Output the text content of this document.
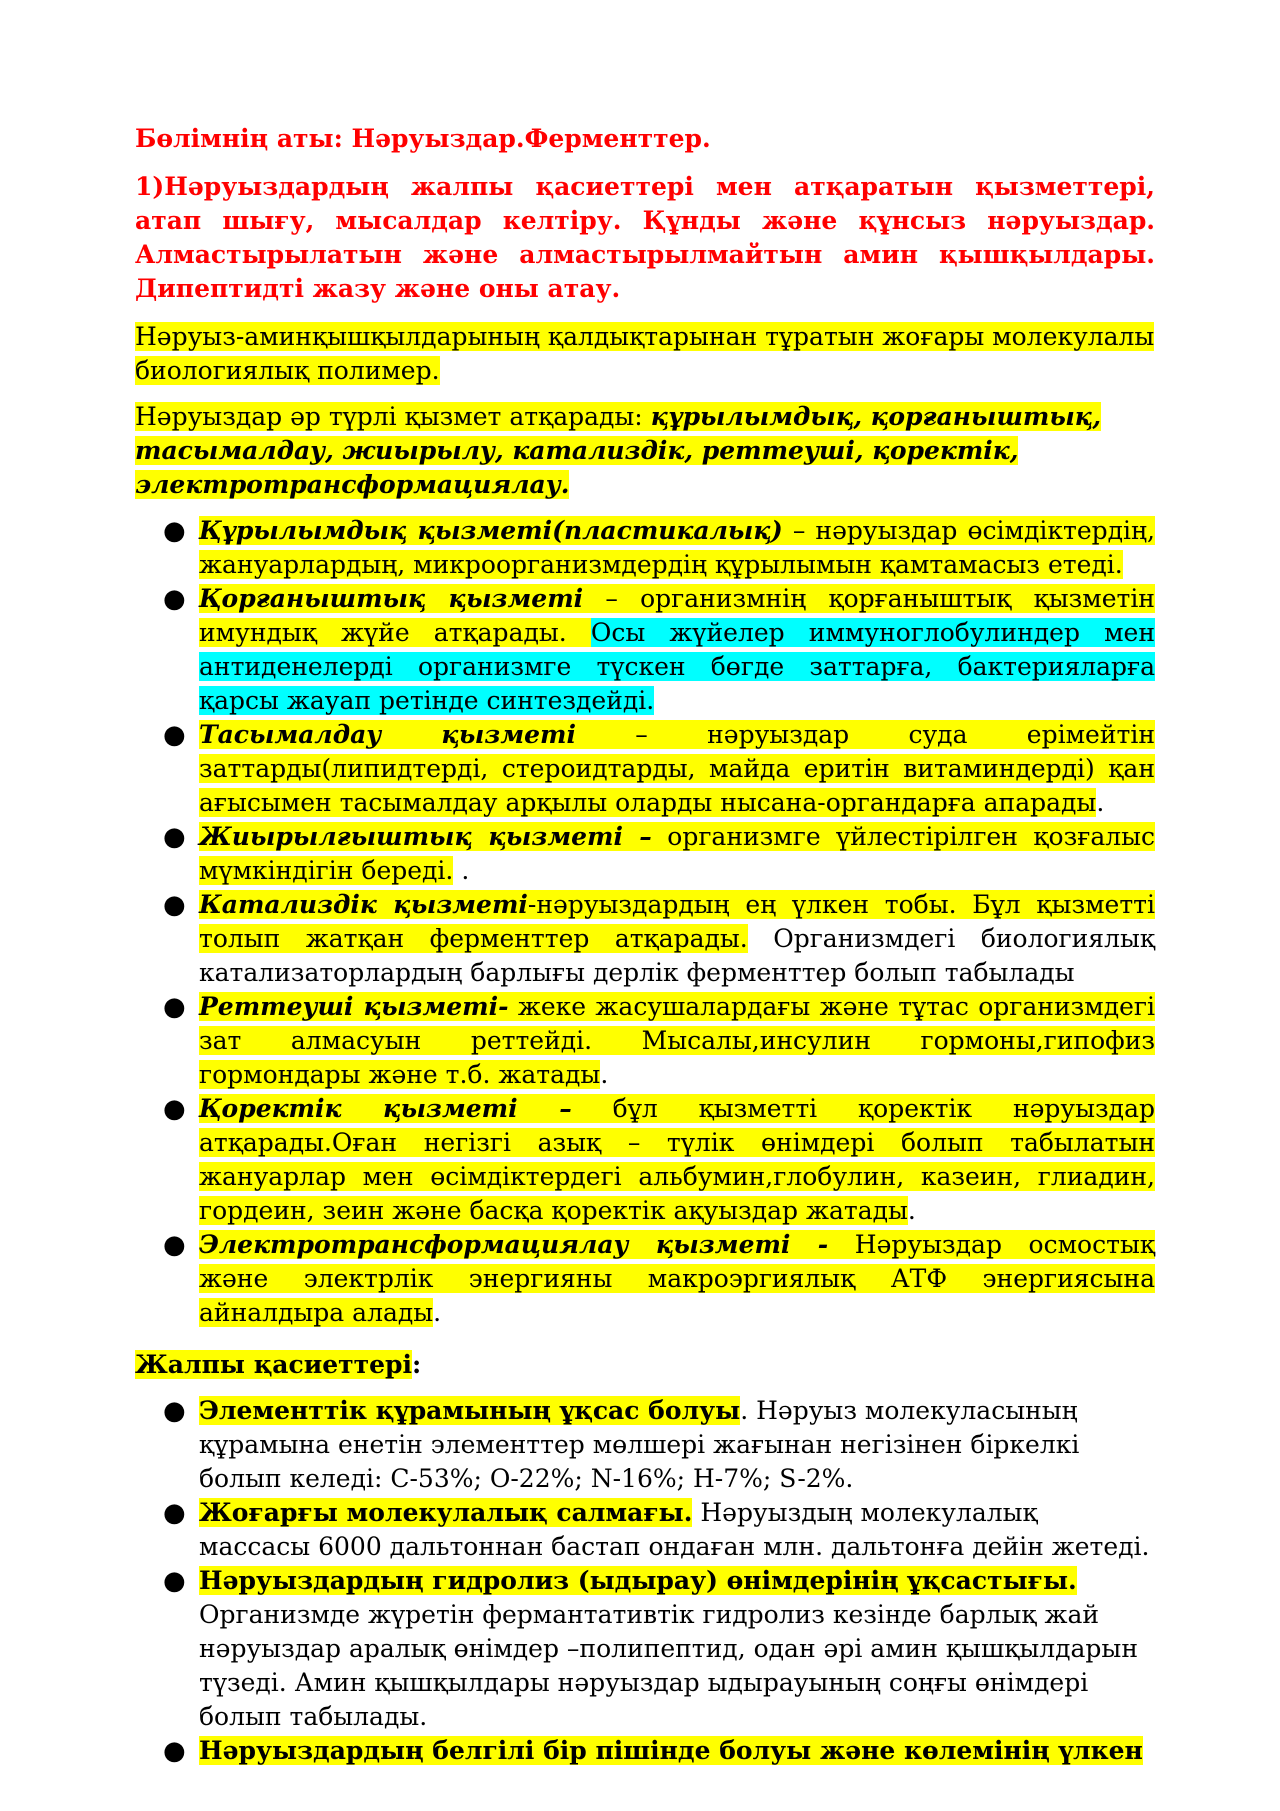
Бөлімнің аты: Нәруыздар.Ферменттер.
1)Нәруыздардың жалпы қасиеттері мен атқаратын қызметтері, атап шығу, мысалдар келтіру. Құнды және құнсыз нәруыздар. Алмастырылатын және алмастырылмайтын амин қышқылдары. Дипептидті жазу және оны атау.

Нәруыз-аминқышқылдарының қалдықтарынан тұратын жоғары молекулалы биологиялық полимер.

Нәруыздар әр түрлі қызмет атқарады: құрылымдық, қорғаныштық, тасымалдау, жиырылу, катализдік, реттеуші, қоректік, электротрансформациялау.

● Құрылымдық қызметі(пластикалық) – нәруыздар өсімдіктердің, жануарлардың, микроорганизмдердің құрылымын қамтамасыз етеді.
● Қорғаныштық қызметі – организмнің қорғаныштық қызметін имундық жүйе атқарады. Осы жүйелер иммуноглобулиндер мен антиденелерді организмге түскен бөгде заттарға, бактерияларға қарсы жауап ретінде синтездейді.
● Тасымалдау қызметі – нәруыздар суда ерімейтін заттарды(липидтерді, стероидтарды, майда еритін витаминдерді) қан ағысымен тасымалдау арқылы оларды нысана-органдарға апарады.
● Жиырылғыштық қызметі – организмге үйлестірілген қозғалыс мүмкіндігін береді. .
● Катализдік қызметі-нәруыздардың ең үлкен тобы. Бұл қызметті толып жатқан ферменттер атқарады. Организмдегі биологиялық катализаторлардың барлығы дерлік ферменттер болып табылады
● Реттеуші қызметі- жеке жасушалардағы және тұтас организмдегі зат алмасуын реттейді. Мысалы,инсулин гормоны,гипофиз гормондары және т.б. жатады.
● Қоректік қызметі – бұл қызметті қоректік нәруыздар атқарады.Оған негізгі азық – түлік өнімдері болып табылатын жануарлар мен өсімдіктердегі альбумин,глобулин, казеин, глиадин, гордеин, зеин және басқа қоректік ақуыздар жатады.
● Электротрансформациялау қызметі - Нәруыздар осмостық және электрлік энергияны макроэргиялық АТФ энергиясына айналдыра алады.

Жалпы қасиеттері:

● Элементтік құрамының ұқсас болуы. Нәруыз молекуласының құрамына енетін элементтер мөлшері жағынан негізінен біркелкі болып келеді: С-53%; О-22%; N-16%; H-7%; S-2%.
● Жоғарғы молекулалық салмағы. Нәруыздың молекулалық массасы 6000 дальтоннан бастап ондаған млн. дальтонға дейін жетеді.
● Нәруыздардың гидролиз (ыдырау) өнімдерінің ұқсастығы. Организмде жүретін фермантативтік гидролиз кезінде барлық жай нәруыздар аралық өнімдер –полипептид, одан әрі амин қышқылдарын түзеді. Амин қышқылдары нәруыздар ыдырауының соңғы өнімдері болып табылады.
● Нәруыздардың белгілі бір пішінде болуы және көлемінің үлкен
